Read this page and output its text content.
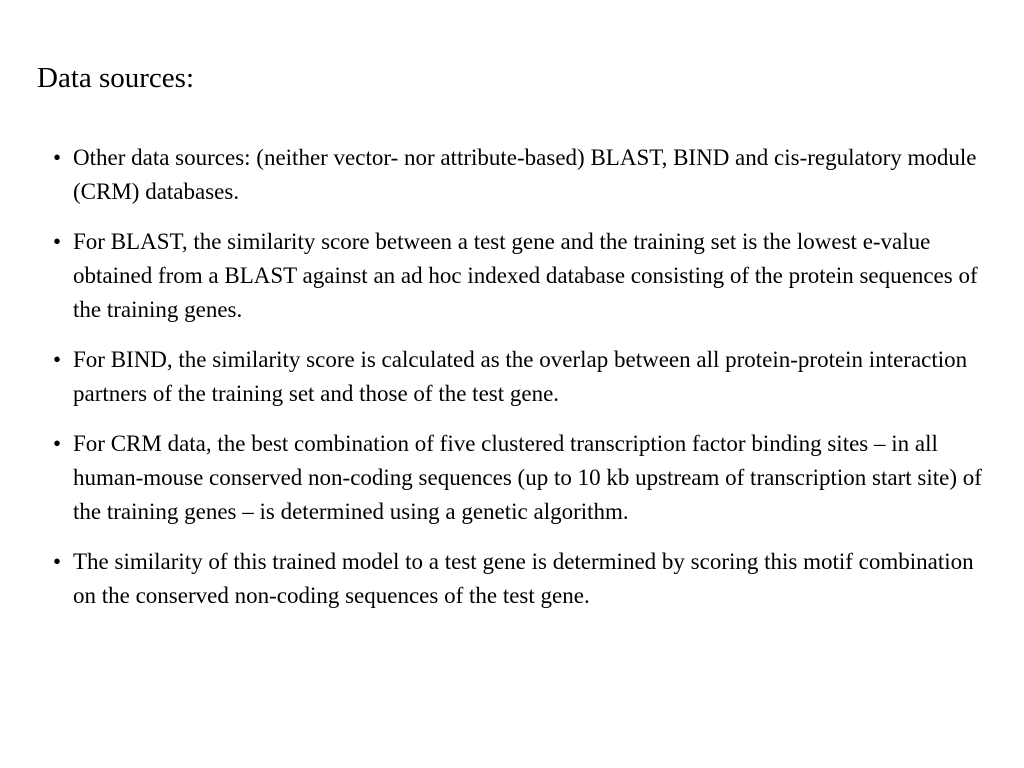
Data sources:
• Other data sources: (neither vector- nor attribute-based) BLAST, BIND and cis-regulatory module (CRM) databases.
• For BLAST, the similarity score between a test gene and the training set is the lowest e-value obtained from a BLAST against an ad hoc indexed database consisting of the protein sequences of the training genes.
• For BIND, the similarity score is calculated as the overlap between all protein-protein interaction partners of the training set and those of the test gene.
• For CRM data, the best combination of five clustered transcription factor binding sites – in all human-mouse conserved non-coding sequences (up to 10 kb upstream of transcription start site) of the training genes – is determined using a genetic algorithm.
• The similarity of this trained model to a test gene is determined by scoring this motif combination on the conserved non-coding sequences of the test gene.
